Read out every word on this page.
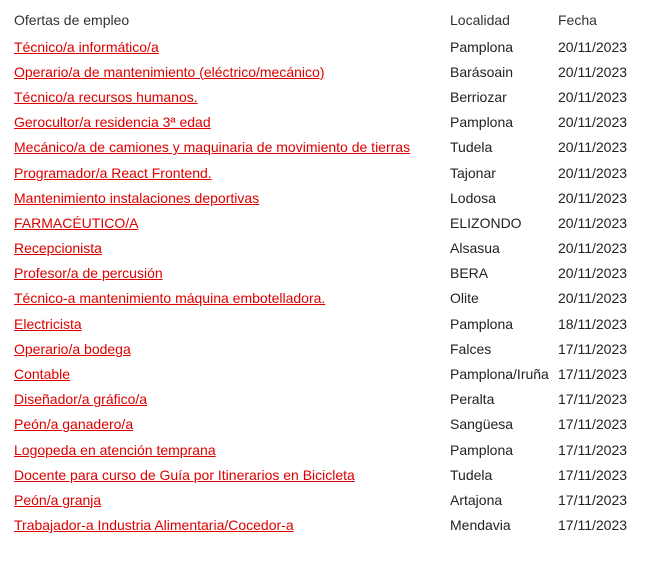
Ofertas de empleo	Localidad	Fecha
Técnico/a informático/a	Pamplona	20/11/2023
Operario/a de mantenimiento (eléctrico/mecánico)	Barásoain	20/11/2023
Técnico/a recursos humanos.	Berriozar	20/11/2023
Gerocultor/a residencia 3ª edad	Pamplona	20/11/2023
Mecánico/a de camiones y maquinaria de movimiento de tierras	Tudela	20/11/2023
Programador/a React Frontend.	Tajonar	20/11/2023
Mantenimiento instalaciones deportivas	Lodosa	20/11/2023
FARMACÉUTICO/A	ELIZONDO	20/11/2023
Recepcionista	Alsasua	20/11/2023
Profesor/a de percusión	BERA	20/11/2023
Técnico-a mantenimiento máquina embotelladora.	Olite	20/11/2023
Electricista	Pamplona	18/11/2023
Operario/a bodega	Falces	17/11/2023
Contable	Pamplona/Iruña	17/11/2023
Diseñador/a gráfico/a	Peralta	17/11/2023
Peón/a ganadero/a	Sangüesa	17/11/2023
Logopeda en atención temprana	Pamplona	17/11/2023
Docente para curso de Guía por Itinerarios en Bicicleta	Tudela	17/11/2023
Peón/a granja	Artajona	17/11/2023
Trabajador-a Industria Alimentaria/Cocedor-a	Mendavia	17/11/2023
